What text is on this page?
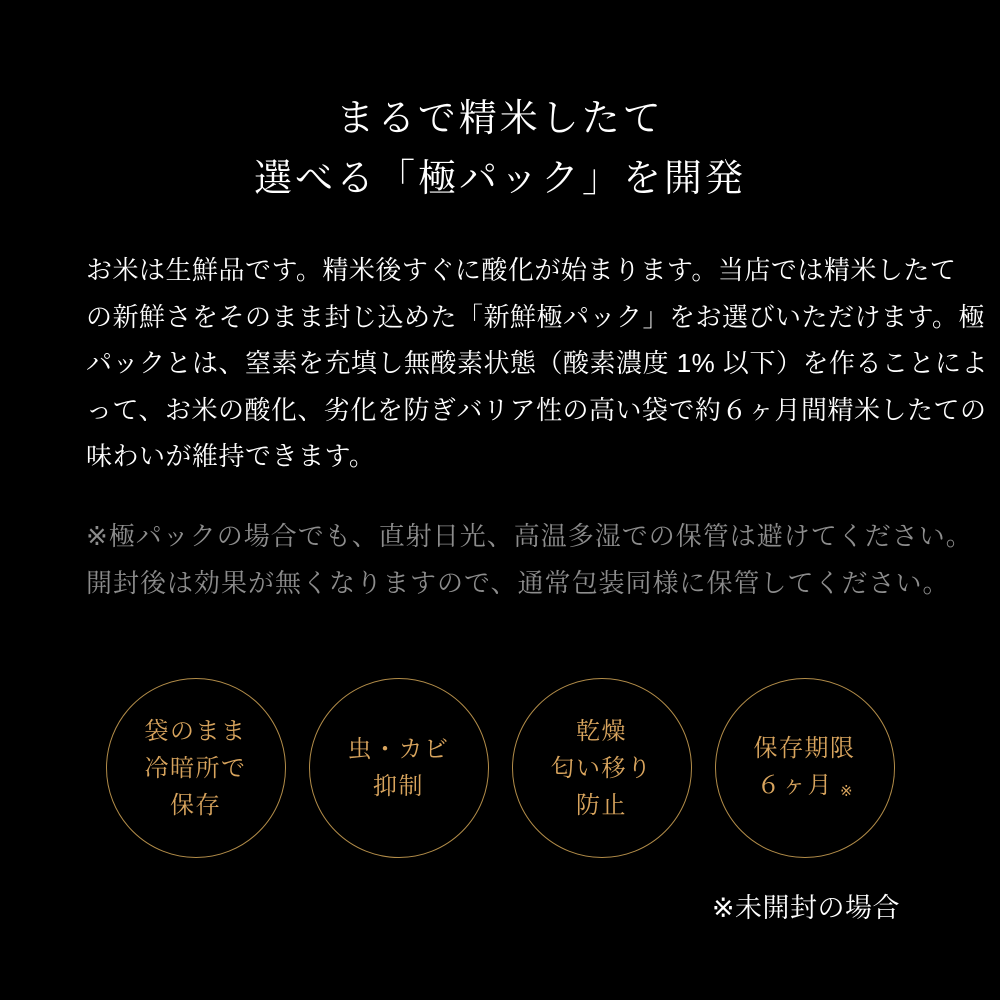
まるで精米したて
選べる「極パック」を開発
お米は生鮮品です。精米後すぐに酸化が始まります。当店では精米したて
の新鮮さをそのまま封じ込めた「新鮮極パック」をお選びいただけます。極
パックとは、窒素を充填し無酸素状態（酸素濃度 1% 以下）を作ることによ
って、お米の酸化、劣化を防ぎバリア性の高い袋で約６ヶ月間精米したての
味わいが維持できます。
※極パックの場合でも、直射日光、高温多湿での保管は避けてください。
開封後は効果が無くなりますので、通常包装同様に保管してください。
袋のまま
冷暗所で
保存
虫・カビ
抑制
乾燥
匂い移り
防止
保存期限
６ヶ月 ※
※未開封の場合
